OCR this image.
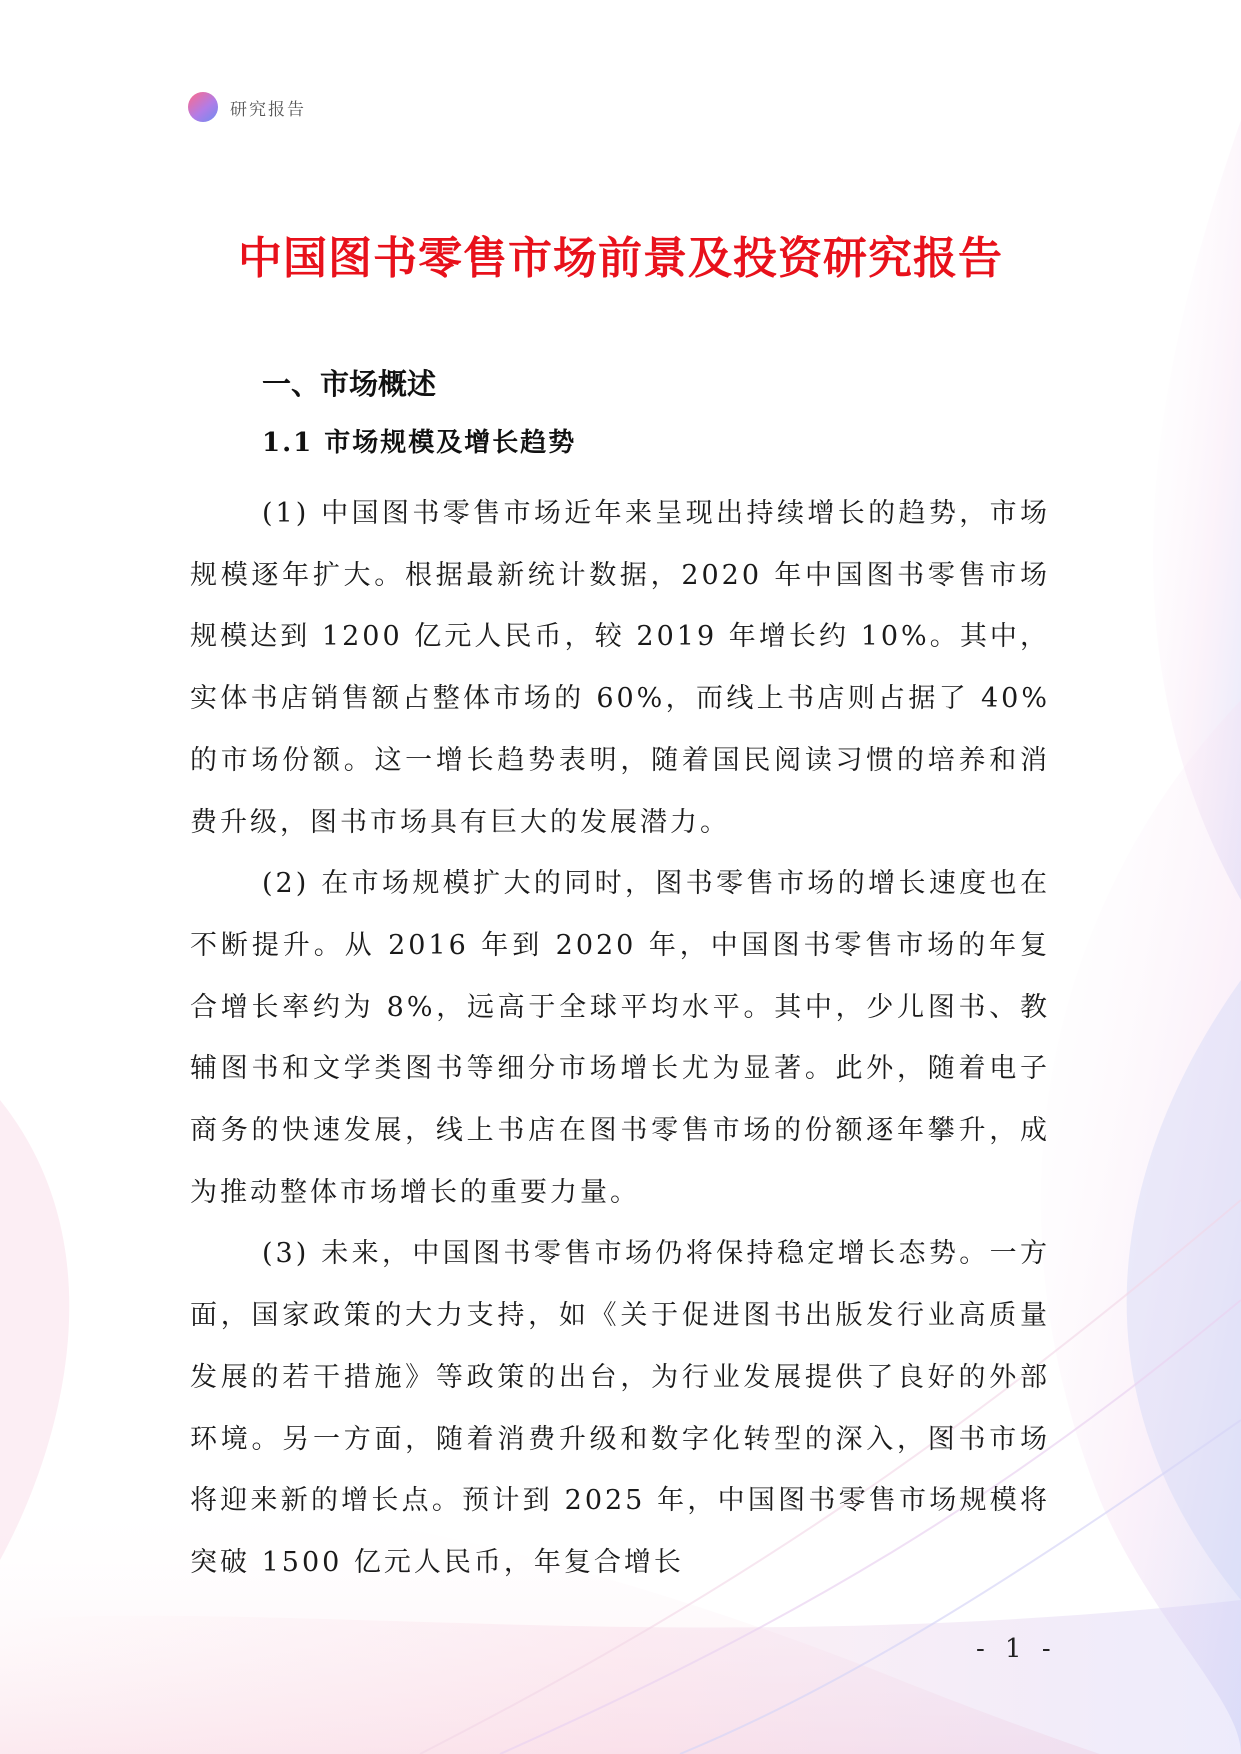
研究报告
中国图书零售市场前景及投资研究报告
一、市场概述
1.1 市场规模及增长趋势

(1) 中国图书零售市场近年来呈现出持续增长的趋势，市场规模逐年扩大。根据最新统计数据，2020 年中国图书零售市场规模达到 1200 亿元人民币，较 2019 年增长约 10%。其中，实体书店销售额占整体市场的 60%，而线上书店则占据了 40%的市场份额。这一增长趋势表明，随着国民阅读习惯的培养和消费升级，图书市场具有巨大的发展潜力。

(2) 在市场规模扩大的同时，图书零售市场的增长速度也在不断提升。从 2016 年到 2020 年，中国图书零售市场的年复合增长率约为 8%，远高于全球平均水平。其中，少儿图书、教辅图书和文学类图书等细分市场增长尤为显著。此外，随着电子商务的快速发展，线上书店在图书零售市场的份额逐年攀升，成为推动整体市场增长的重要力量。

(3) 未来，中国图书零售市场仍将保持稳定增长态势。一方面，国家政策的大力支持，如《关于促进图书出版发行业高质量发展的若干措施》等政策的出台，为行业发展提供了良好的外部环境。另一方面，随着消费升级和数字化转型的深入，图书市场将迎来新的增长点。预计到 2025 年，中国图书零售市场规模将突破 1500 亿元人民币，年复合增长

- 1 -
